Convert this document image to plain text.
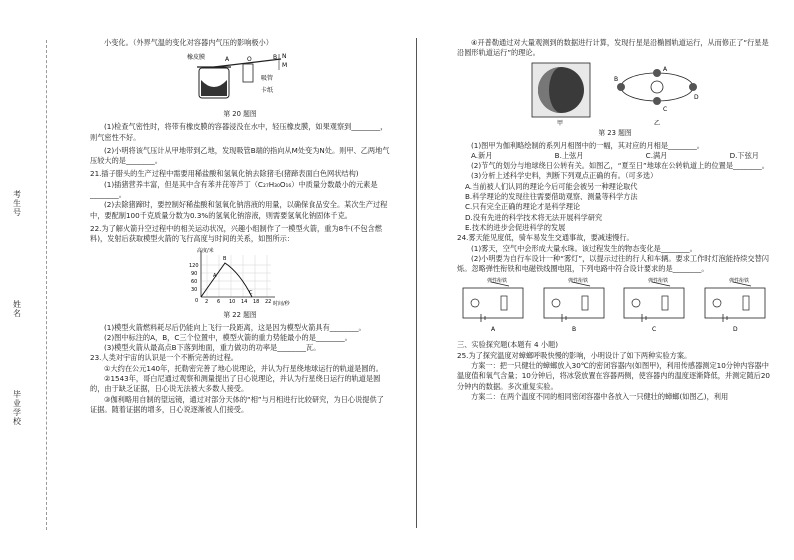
考生号
姓名
毕业学校

小变化。（外界气温的变化对容器内气压的影响极小）

橡皮膜	A	O	B N
M
吸管
卡纸

第 20 题图

(1)检查气密性时，将带有橡皮膜的容器浸没在水中，轻压橡皮膜，如果观察到________，则气密性不好。

(2)小明将该气压计从甲地带到乙地，发现吸管B端的指向从M处变为N处。则甲、乙两地气压较大的是________。

21.插子腊头的生产过程中需要用稀盐酸和氢氧化钠去除猪毛(猪蹄表面白色网状结构)

(1)插猪营养丰富，但是其中含有苯并芘等芦丁（C₂₇H₃₀O₁₆）中质量分数最小的元素是________。

(2)去除猪蹄时，要控制好稀盐酸和氢氧化钠溶液的用量，以确保食品安全。某次生产过程中，要配制100千克质量分数为0.3%的氢氧化钠溶液，则需要氢氧化钠固体千克。

22.为了解火箭升空过程中的相关运动状况，兴趣小组制作了一模型火箭，重为8牛(不包含燃料)，发射后获取模型火箭的飞行高度与时间的关系，如图所示：

高度/米
时间/秒
120
90
60
30
0 2 6 10 14 18 22
A
B
C

第 22 题图

(1)模型火箭燃料耗尽后仍能向上飞行一段距离，这是因为模型火箭具有________。

(2)图中标注的A，B，C三个位置中，模型火箭的重力势能最小的是________。

(3)模型火箭从最高点B下落到地面，重力做功的功率是________瓦。

23.人类对宇宙的认识是一个不断完善的过程。

①大约在公元140年，托勒密完善了地心说理论，并认为行星绕地球运行的轨道是圆的。

②1543年，哥白尼通过观察和测量提出了日心说理论，并认为行星绕日运行的轨道是圆的，由于缺乏证据，日心说无法被大多数人接受。

③伽利略用自制的望远镜，通过对部分天体的“相”与月相进行比较研究，为日心说提供了证据。随着证据的增多，日心说逐渐被人们接受。

④开普勒通过对大量观测到的数据进行计算，发现行星是沿椭圆轨道运行，从而修正了“行星是沿圆形轨道运行”的理论。

甲
A
B
C
D
乙

第 23 题图

(1)图甲为伽利略绘制的系列月相图中的一幅，其对应的月相是________。

A.新月	B.上弦月	C.满月	D.下弦月

(2)节气的划分与地球绕日公转有关。如图乙，“夏至日”地球在公转轨道上的位置是________。

(3)分析上述科学史料，判断下列观点正确的有。（可多选）

A.当前被人们认同的理论今后可能会被另一种理论取代

B.科学理论的发现往往需要借助观察、测量等科学方法

C.只有完全正确的理论才是科学理论

D.没有先进的科学技术将无法开展科学研究

E.技术的进步会促进科学的发展

24.雾天能见度低，骑车易发生交通事故，要减速慢行。

(1)雾天，空气中会形成大量水珠。该过程发生的物态变化是________。

(2)小明要为自行车设计一种“雾灯”，以提示过往的行人和车辆。要求工作时灯泡能持续交替闪烁。忽略弹性衔铁和电磁铁线圈电阻，下列电路中符合设计要求的是________。

弹性衔铁
A
弹性衔铁
B
弹性衔铁
C
弹性衔铁
D

三、实验探究题(本题有 4 小题)

25.为了探究温度对蟑螂呼吸快慢的影响，小明设计了如下两种实验方案。

方案一：把一只健壮的蟑螂放入30℃的密闭容器内(如图甲)，利用传感器测定10分钟内容器中温度值和氧气含量；10分钟后，将冰袋放置在容器两侧，使容器内的温度逐渐降低，并测定随后20分钟内的数据。多次重复实验。

方案二：在两个温度不同的相同密闭容器中各放入一只健壮的蟑螂(如图乙)，利用
